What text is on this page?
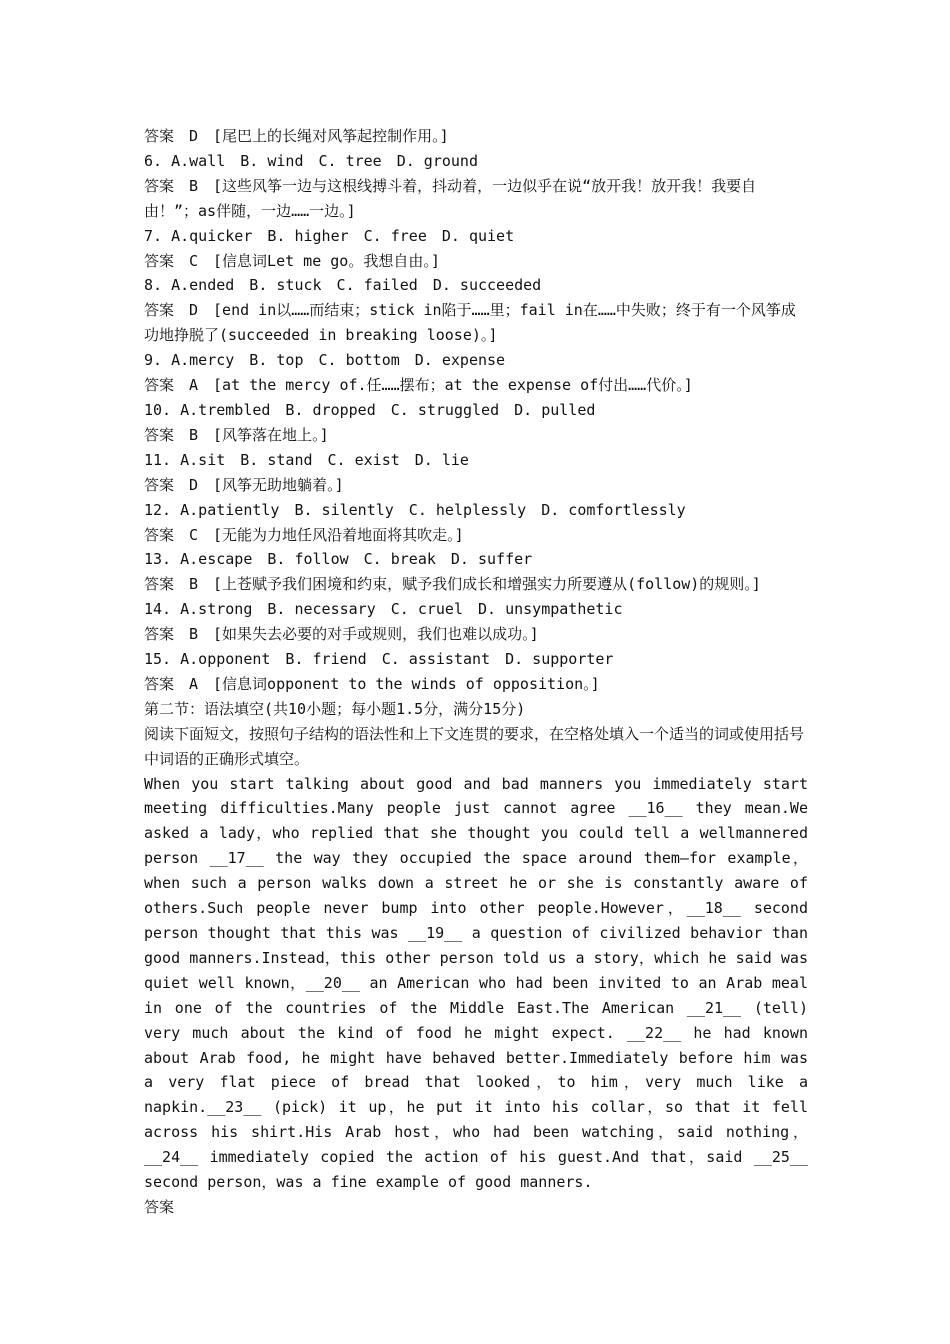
答案　D　[尾巴上的长绳对风筝起控制作用。]
6. A.wall　B. wind　C. tree　D. ground
答案　B　[这些风筝一边与这根线搏斗着，抖动着，一边似乎在说“放开我！放开我！我要自由！”；as伴随，一边……一边。]
7. A.quicker　B. higher　C. free　D. quiet
答案　C　[信息词Let me go。我想自由。]
8. A.ended　B. stuck　C. failed　D. succeeded
答案　D　[end in以……而结束；stick in陷于……里；fail in在……中失败；终于有一个风筝成功地挣脱了(succeeded in breaking loose)。]
9. A.mercy　B. top　C. bottom　D. expense
答案　A　[at the mercy of.任……摆布；at the expense of付出……代价。]
10. A.trembled　B. dropped　C. struggled　D. pulled
答案　B　[风筝落在地上。]
11. A.sit　B. stand　C. exist　D. lie
答案　D　[风筝无助地躺着。]
12. A.patiently　B. silently　C. helplessly　D. comfortlessly
答案　C　[无能为力地任风沿着地面将其吹走。]
13. A.escape　B. follow　C. break　D. suffer
答案　B　[上苍赋予我们困境和约束，赋予我们成长和增强实力所要遵从(follow)的规则。]
14. A.strong　B. necessary　C. cruel　D. unsympathetic
答案　B　[如果失去必要的对手或规则，我们也难以成功。]
15. A.opponent　B. friend　C. assistant　D. supporter
答案　A　[信息词opponent to the winds of opposition。]
第二节：语法填空(共10小题；每小题1.5分，满分15分)
阅读下面短文，按照句子结构的语法性和上下文连贯的要求，在空格处填入一个适当的词或使用括号中词语的正确形式填空。
When you start talking about good and bad manners you immediately start meeting difficulties.Many people just cannot agree __16__ they mean.We asked a lady，who replied that she thought you could tell a wellmannered person __17__ the way they occupied the space around them—for example，when such a person walks down a street he or she is constantly aware of others.Such people never bump into other people.However，__18__ second person thought that this was __19__ a question of civilized behavior than good manners.Instead，this other person told us a story，which he said was quiet well known，__20__ an American who had been invited to an Arab meal in one of the countries of the Middle East.The American __21__ (tell) very much about the kind of food he might expect. __22__ he had known about Arab food, he might have behaved better.Immediately before him was a very flat piece of bread that looked，to him，very much like a napkin.__23__ (pick) it up，he put it into his collar，so that it fell across his shirt.His Arab host，who had been watching，said nothing，__24__ immediately copied the action of his guest.And that，said __25__ second person，was a fine example of good manners.
答案
